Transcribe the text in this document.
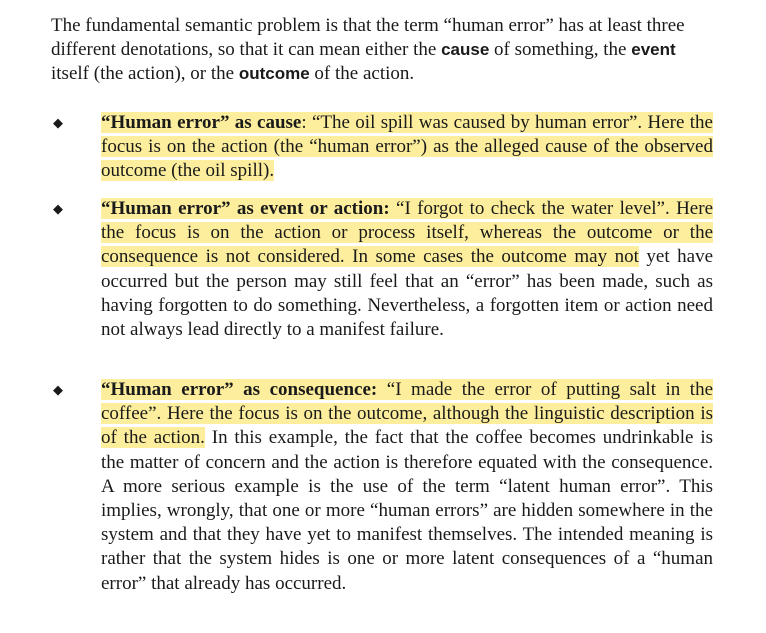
The fundamental semantic problem is that the term “human error” has at least three different denotations, so that it can mean either the cause of something, the event itself (the action), or the outcome of the action.

◆ “Human error” as cause: “The oil spill was caused by human error”. Here the focus is on the action (the “human error”) as the alleged cause of the observed outcome (the oil spill).

◆ “Human error” as event or action: “I forgot to check the water level”. Here the focus is on the action or process itself, whereas the outcome or the consequence is not considered. In some cases the outcome may not yet have occurred but the person may still feel that an “error” has been made, such as having forgotten to do something. Nevertheless, a forgotten item or action need not always lead directly to a manifest failure.

◆ “Human error” as consequence: “I made the error of putting salt in the coffee”. Here the focus is on the outcome, although the linguistic description is of the action. In this example, the fact that the coffee becomes undrinkable is the matter of concern and the action is therefore equated with the consequence. A more serious example is the use of the term “latent human error”. This implies, wrongly, that one or more “human errors” are hidden somewhere in the system and that they have yet to manifest themselves. The intended meaning is rather that the system hides is one or more latent consequences of a “human error” that already has occurred.
